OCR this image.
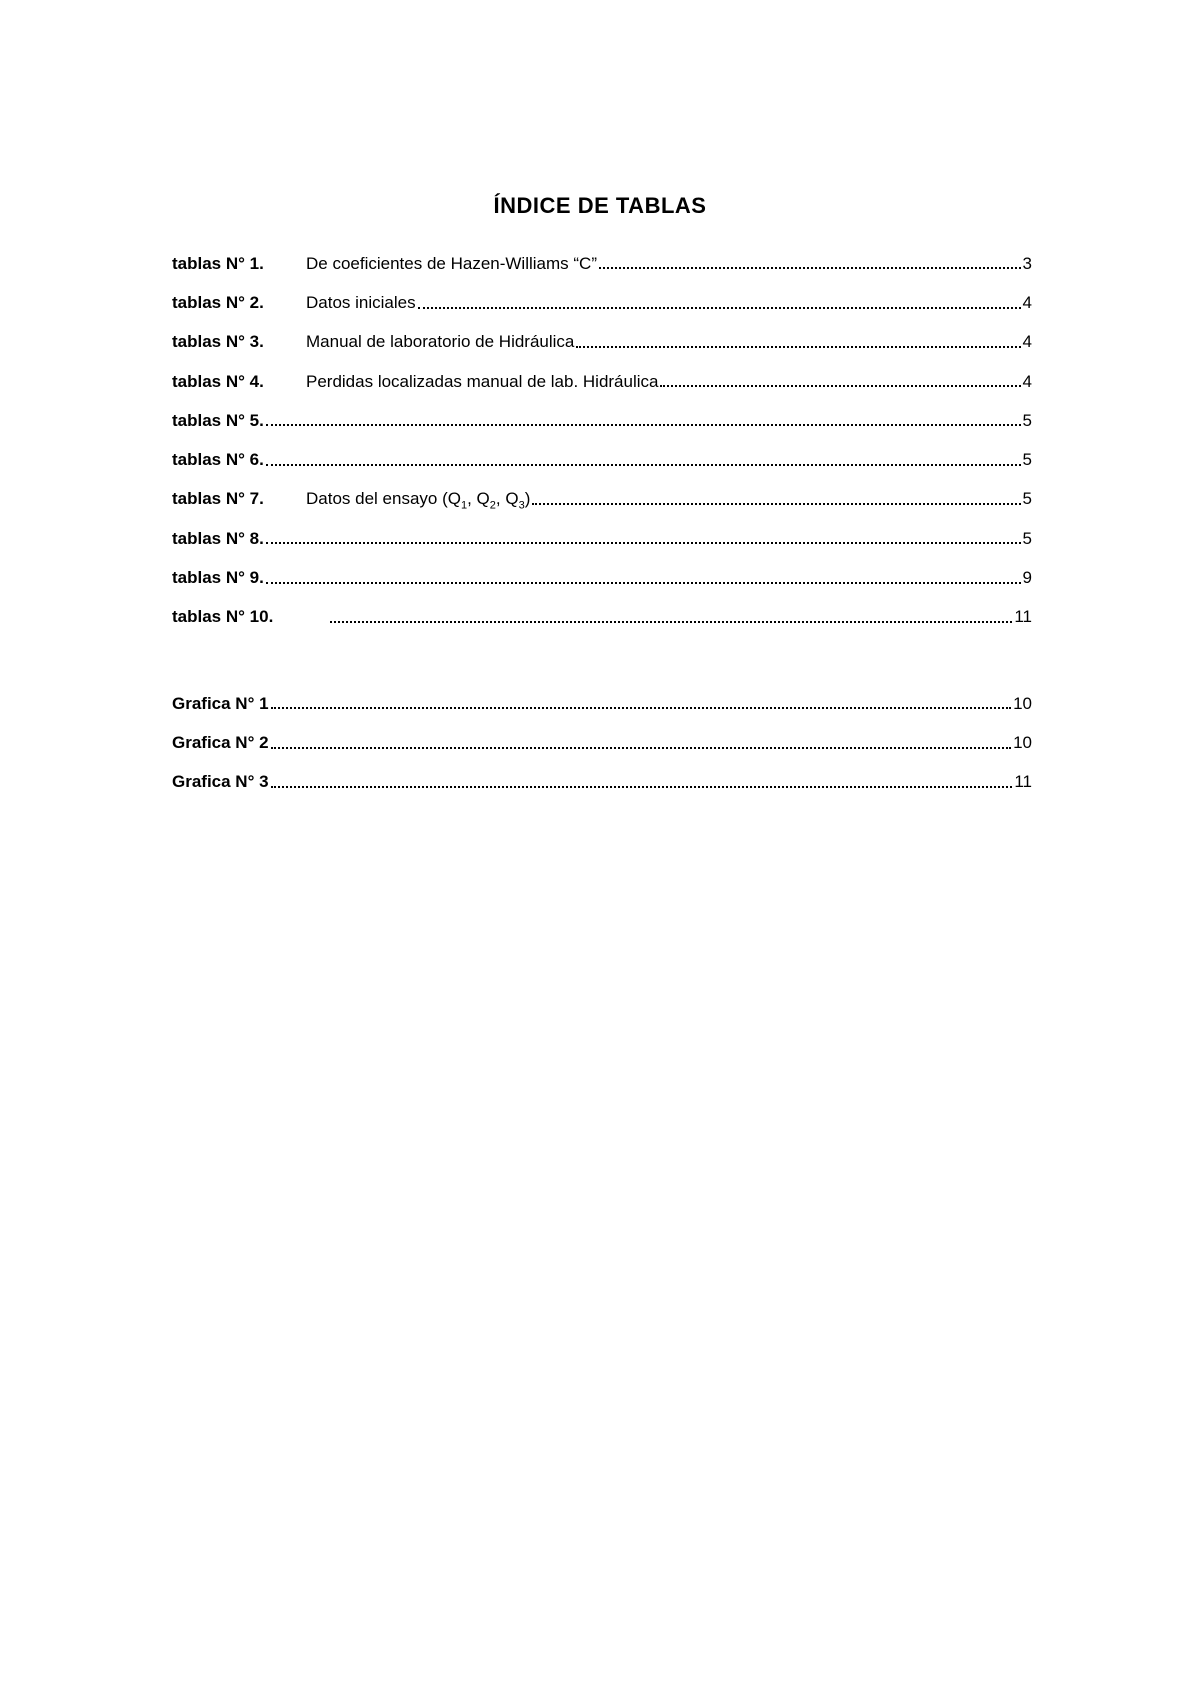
ÍNDICE DE TABLAS
tablas N° 1.	De coeficientes de Hazen-Williams “C”	3
tablas N° 2.	Datos iniciales	4
tablas N° 3.	Manual de laboratorio de Hidráulica	4
tablas N° 4.	Perdidas localizadas manual de lab. Hidráulica	4
tablas N° 5.	5
tablas N° 6.	5
tablas N° 7.	Datos del ensayo ($Q_1$, $Q_2$, $Q_3$)	5
tablas N° 8.	5
tablas N° 9.	9
tablas N° 10.	11
Grafica N° 1	10
Grafica N° 2	10
Grafica N° 3	11
